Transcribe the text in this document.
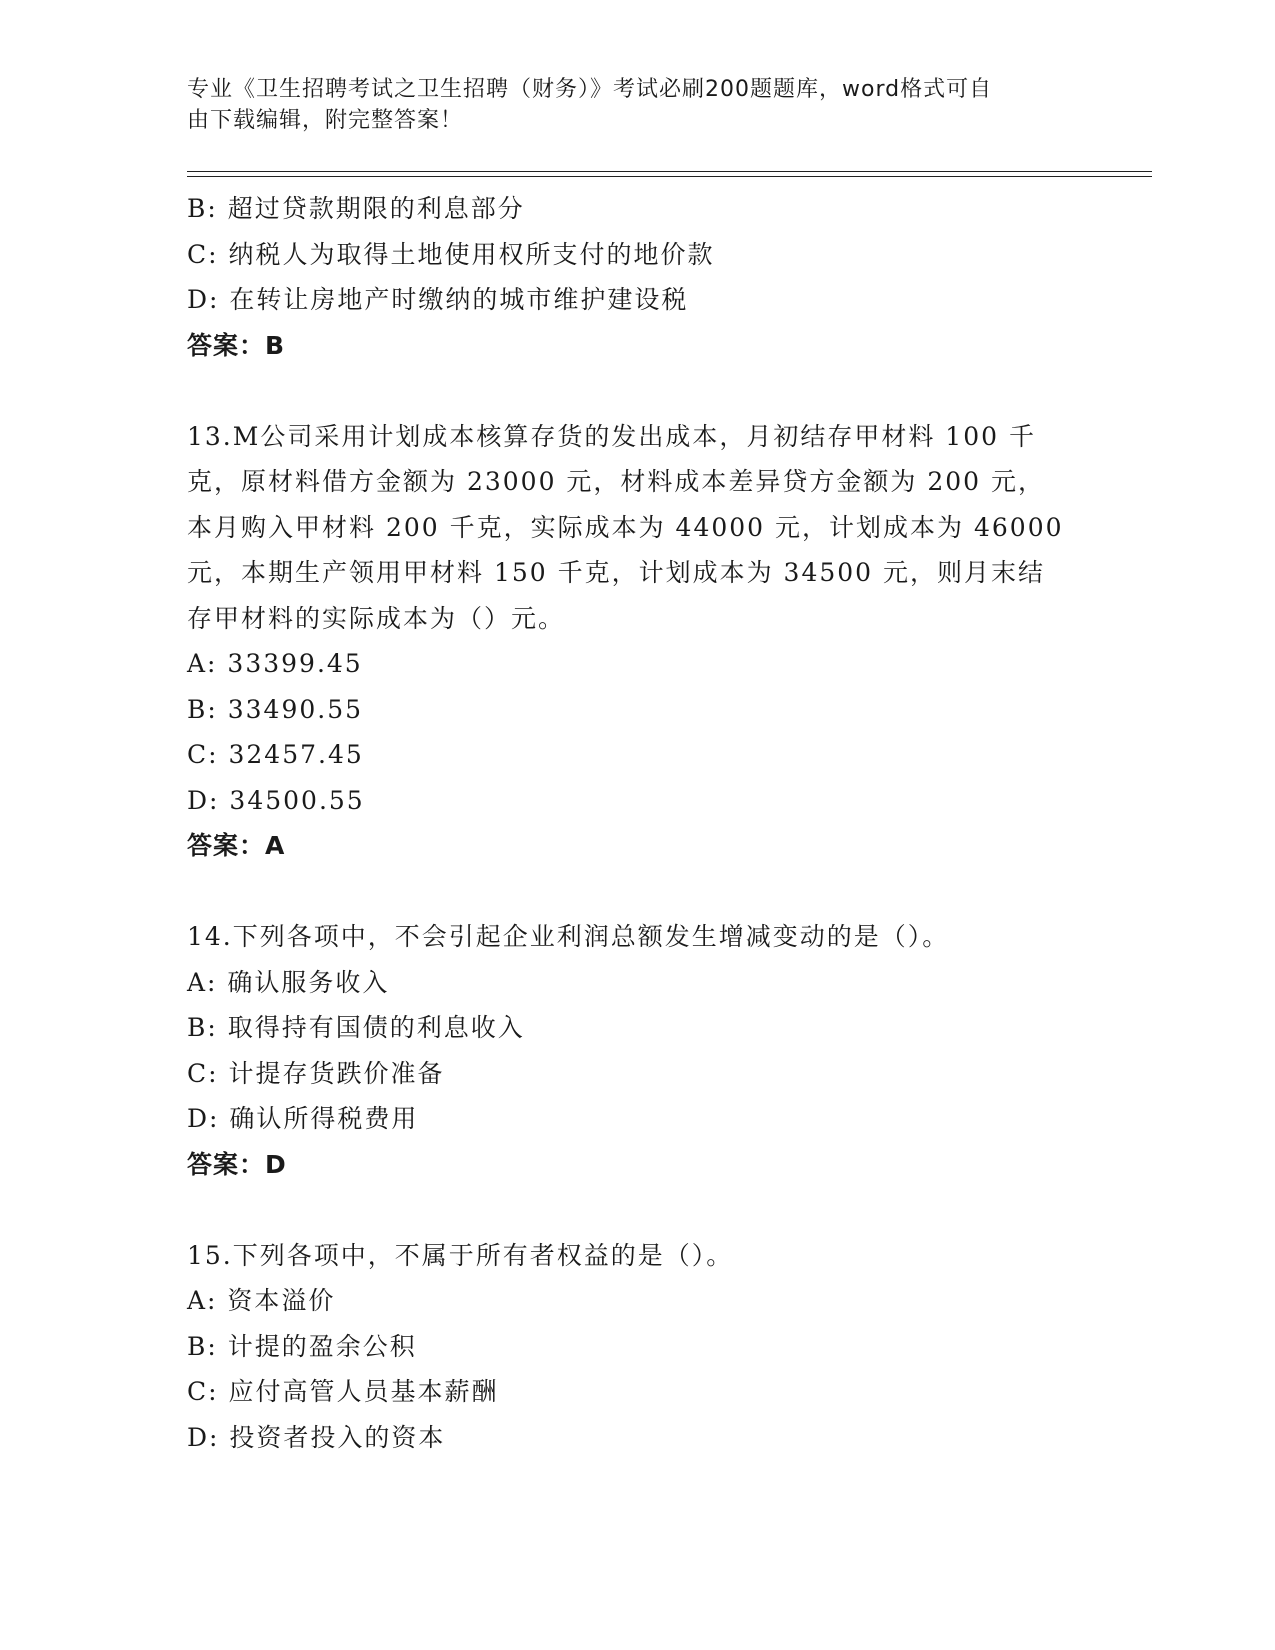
专业《卫生招聘考试之卫生招聘（财务）》考试必刷200题题库，word格式可自
由下载编辑，附完整答案！
B: 超过贷款期限的利息部分
C: 纳税人为取得土地使用权所支付的地价款
D: 在转让房地产时缴纳的城市维护建设税
答案：B
13.M公司采用计划成本核算存货的发出成本，月初结存甲材料 100 千
克，原材料借方金额为 23000 元，材料成本差异贷方金额为 200 元，
本月购入甲材料 200 千克，实际成本为 44000 元，计划成本为 46000
元，本期生产领用甲材料 150 千克，计划成本为 34500 元，则月末结
存甲材料的实际成本为（）元。
A: 33399.45
B: 33490.55
C: 32457.45
D: 34500.55
答案：A
14.下列各项中，不会引起企业利润总额发生增减变动的是（）。
A: 确认服务收入
B: 取得持有国债的利息收入
C: 计提存货跌价准备
D: 确认所得税费用
答案：D
15.下列各项中，不属于所有者权益的是（）。
A: 资本溢价
B: 计提的盈余公积
C: 应付高管人员基本薪酬
D: 投资者投入的资本
